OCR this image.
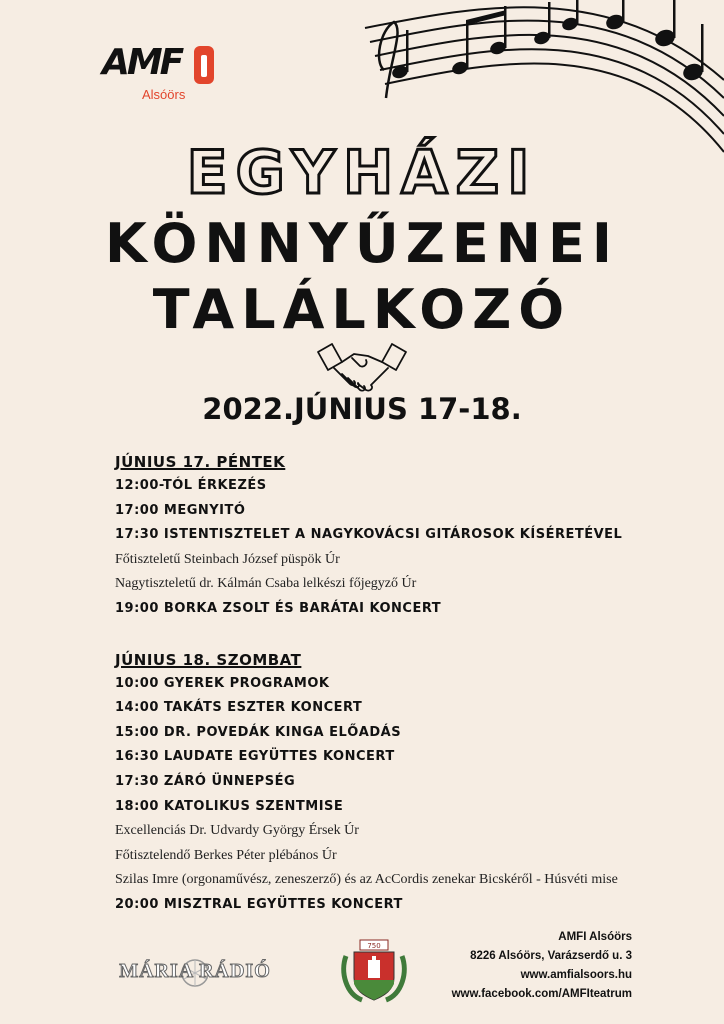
AMF
Alsóörs
EGYHÁZI
KÖNNYŰZENEI
TALÁLKOZÓ
2022.JÚNIUS 17-18.
JÚNIUS 17. PÉNTEK
12:00-TÓL ÉRKEZÉS
17:00 MEGNYITÓ
17:30 ISTENTISZTELET A NAGYKOVÁCSI GITÁROSOK KÍSÉRETÉVEL
Főtiszteletű Steinbach József püspök Úr
Nagytiszteletű dr. Kálmán Csaba lelkészi főjegyző Úr
19:00 BORKA ZSOLT ÉS BARÁTAI KONCERT
JÚNIUS 18. SZOMBAT
10:00 GYEREK PROGRAMOK
14:00 TAKÁTS ESZTER KONCERT
15:00 DR. POVEDÁK KINGA ELŐADÁS
16:30 LAUDATE EGYÜTTES KONCERT
17:30 ZÁRÓ ÜNNEPSÉG
18:00 KATOLIKUS SZENTMISE
Excellenciás Dr. Udvardy György Érsek Úr
Főtisztelendő Berkes Péter plébános Úr
Szilas Imre (orgonaművész, zeneszerző) és az AcCordis zenekar Bicskéről - Húsvéti mise
20:00 MISZTRAL EGYÜTTES KONCERT
MÁRIA RÁDIÓ
750
AMFI Alsóörs
8226 Alsóörs, Varázserdő u. 3
www.amfialsoors.hu
www.facebook.com/AMFIteatrum
